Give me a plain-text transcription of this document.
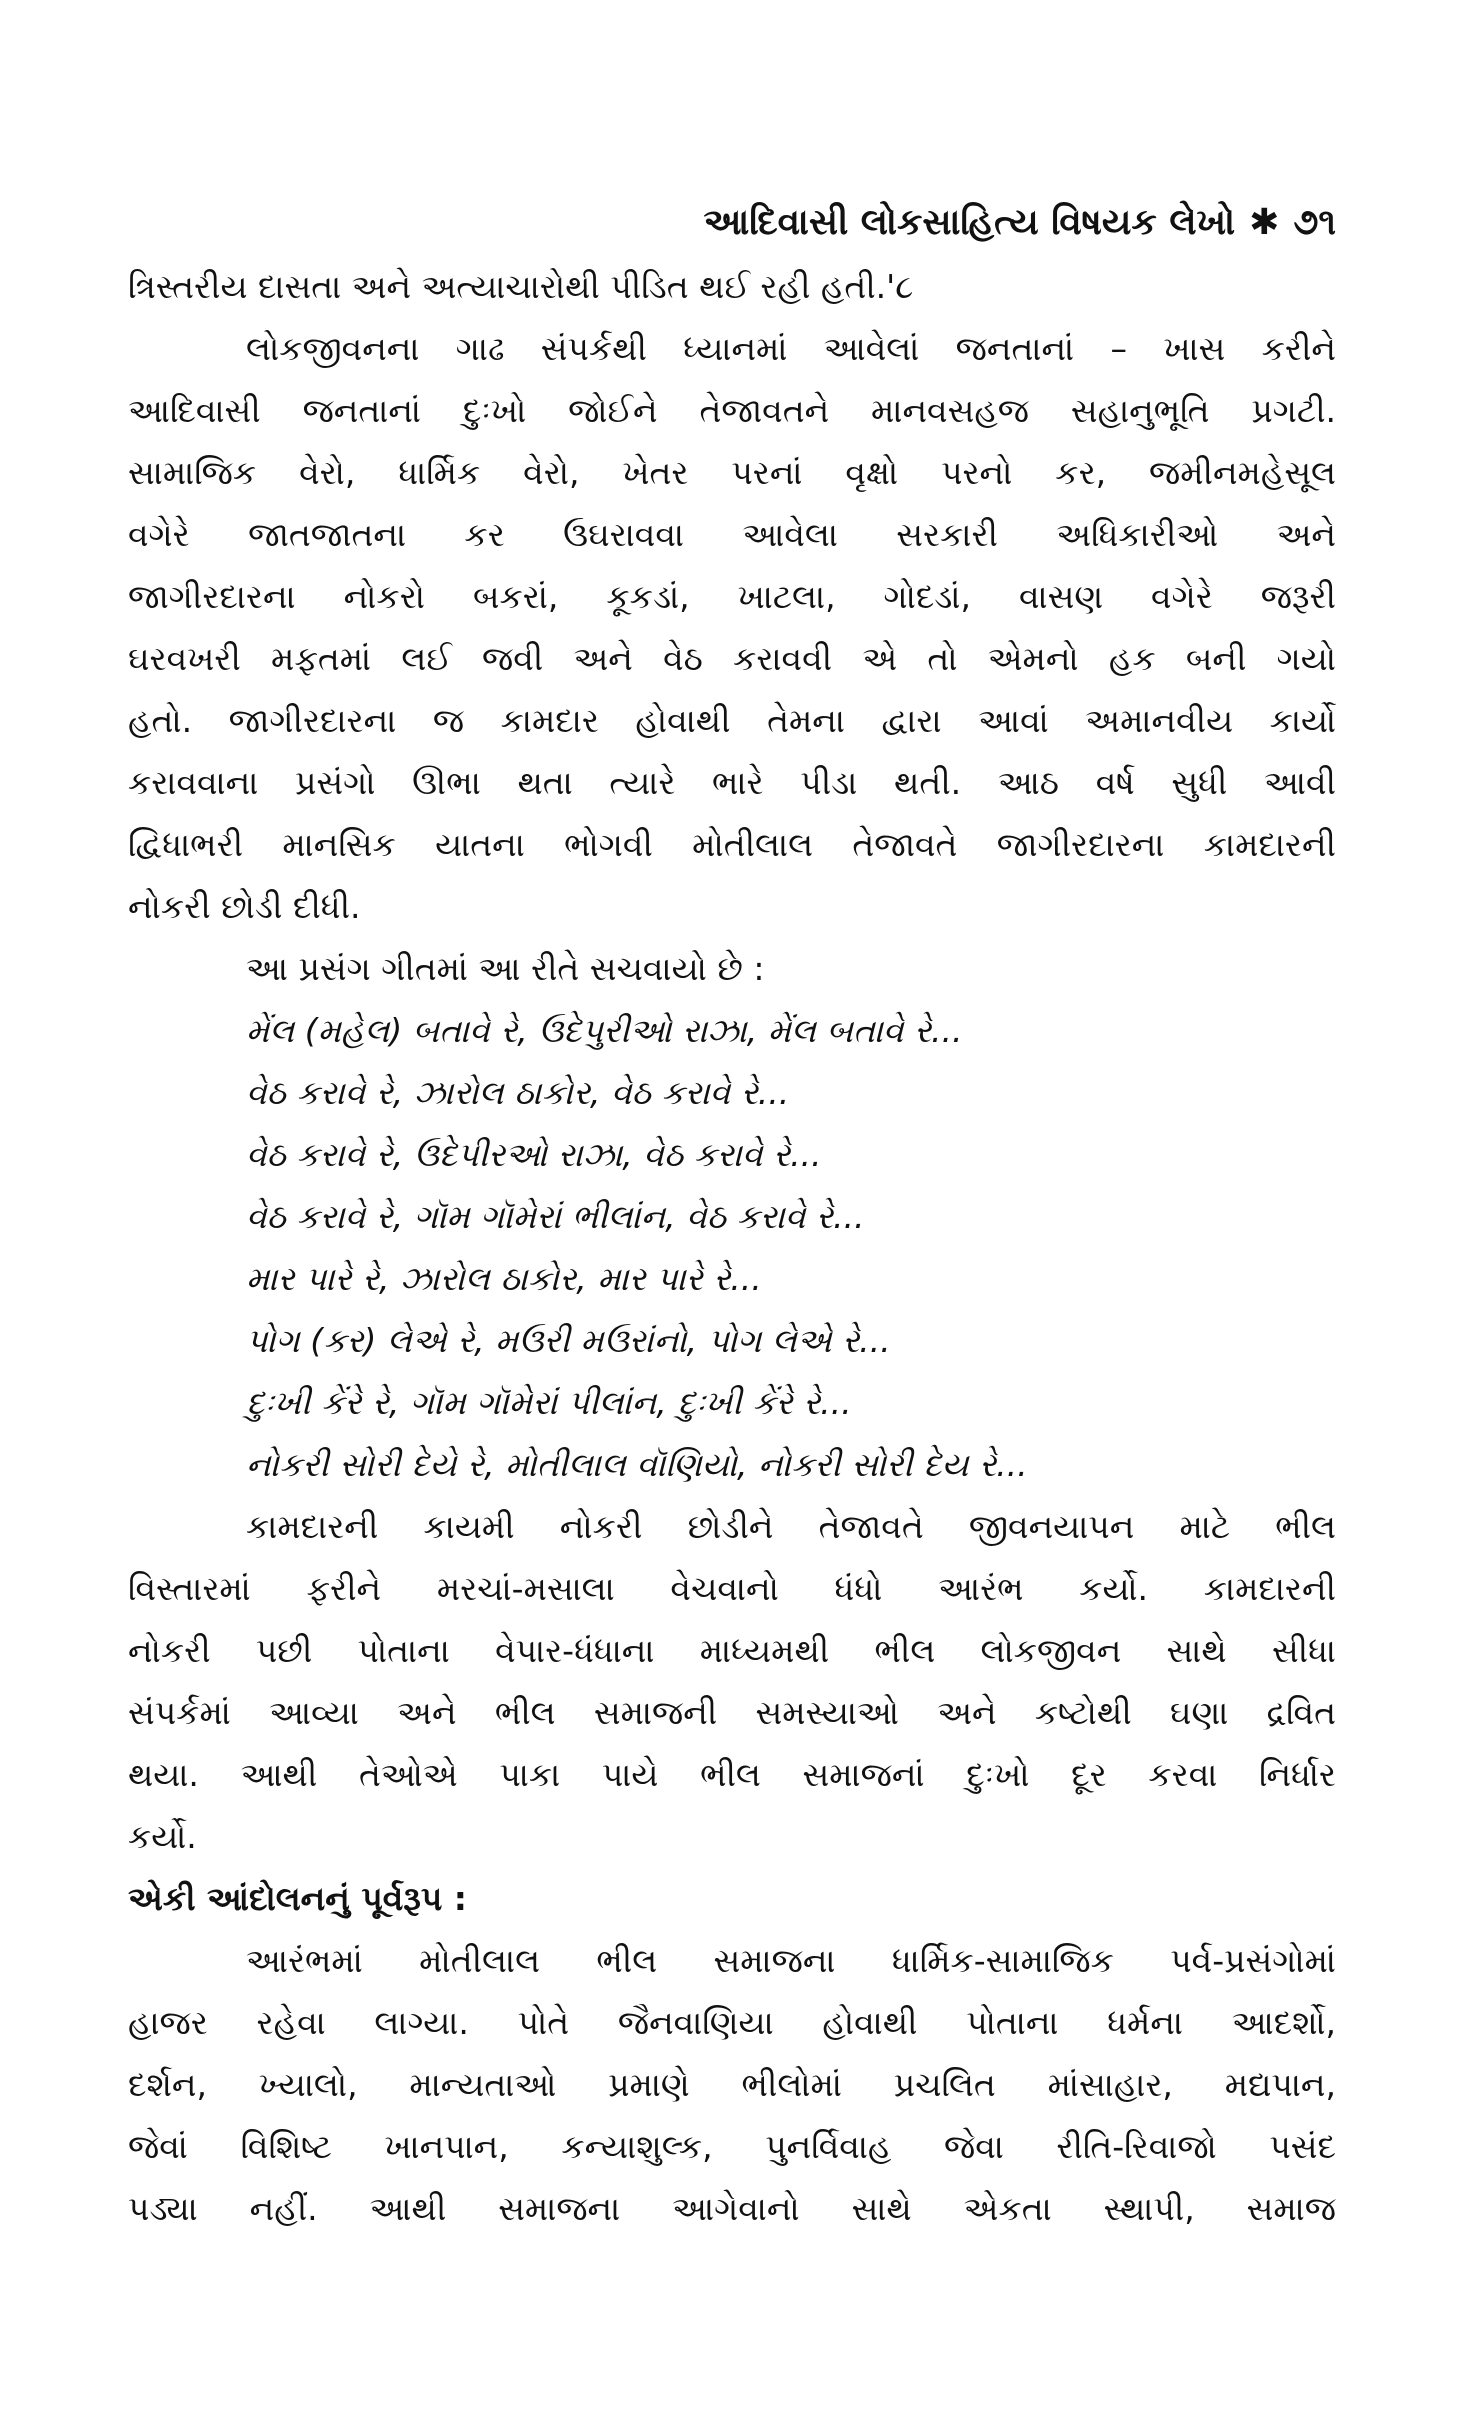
આદિવાસી લોકસાહિત્ય વિષયક લેખો ✱ ૭૧
ત્રિસ્તરીય દાસતા અને અત્યાચારોથી પીડિત થઈ રહી હતી.'૮
લોકજીવનના ગાઢ સંપર્કથી ધ્યાનમાં આવેલાં જનતાનાં – ખાસ કરીને
આદિવાસી જનતાનાં દુઃખો જોઈને તેજાવતને માનવસહજ સહાનુભૂતિ પ્રગટી.
સામાજિક વેરો, ધાર્મિક વેરો, ખેતર પરનાં વૃક્ષો પરનો કર, જમીનમહેસૂલ
વગેરે જાતજાતના કર ઉઘરાવવા આવેલા સરકારી અધિકારીઓ અને
જાગીરદારના નોકરો બકરાં, કૂકડાં, ખાટલા, ગોદડાં, વાસણ વગેરે જરૂરી
ઘરવખરી મફતમાં લઈ જવી અને વેઠ કરાવવી એ તો એમનો હક બની ગયો
હતો. જાગીરદારના જ કામદાર હોવાથી તેમના દ્વારા આવાં અમાનવીય કાર્યો
કરાવવાના પ્રસંગો ઊભા થતા ત્યારે ભારે પીડા થતી. આઠ વર્ષ સુધી આવી
દ્વિધાભરી માનસિક યાતના ભોગવી મોતીલાલ તેજાવતે જાગીરદારના કામદારની
નોકરી છોડી દીધી.
આ પ્રસંગ ગીતમાં આ રીતે સચવાયો છે :
મેંલ (મહેલ) બતાવે રે, ઉદેપુરીઓ રાઝા, મેંલ બતાવે રે...
વેઠ કરાવે રે, ઝારોલ ઠાકોર, વેઠ કરાવે રે...
વેઠ કરાવે રે, ઉદેપીરઓ રાઝા, વેઠ કરાવે રે...
વેઠ કરાવે રે, ગૉમ ગૉમેરાં ભીલાંન, વેઠ કરાવે રે...
માર પારે રે, ઝારોલ ઠાકોર, માર પારે રે...
પોગ (કર) લેએ રે, મઉરી મઉરાંનો, પોગ લેએ રે...
દુઃખી કેંરે રે, ગૉમ ગૉમેરાં પીલાંન, દુઃખી કેંરે રે...
નોકરી સોરી દેયે રે, મોતીલાલ વૉણિયો, નોકરી સોરી દેય રે...
કામદારની કાયમી નોકરી છોડીને તેજાવતે જીવનયાપન માટે ભીલ
વિસ્તારમાં ફરીને મરચાં-મસાલા વેચવાનો ધંધો આરંભ કર્યો. કામદારની
નોકરી પછી પોતાના વેપાર-ધંધાના માધ્યમથી ભીલ લોકજીવન સાથે સીધા
સંપર્કમાં આવ્યા અને ભીલ સમાજની સમસ્યાઓ અને કષ્ટોથી ઘણા દ્રવિત
થયા. આથી તેઓએ પાકા પાયે ભીલ સમાજનાં દુઃખો દૂર કરવા નિર્ધાર
કર્યો.
એકી આંદોલનનું પૂર્વરૂપ :
આરંભમાં મોતીલાલ ભીલ સમાજના ધાર્મિક-સામાજિક પર્વ-પ્રસંગોમાં
હાજર રહેવા લાગ્યા. પોતે જૈનવાણિયા હોવાથી પોતાના ધર્મના આદર્શો,
દર્શન, ખ્યાલો, માન્યતાઓ પ્રમાણે ભીલોમાં પ્રચલિત માંસાહાર, મદ્યપાન,
જેવાં વિશિષ્ટ ખાનપાન, કન્યાશુલ્ક, પુનર્વિવાહ જેવા રીતિ-રિવાજો પસંદ
પડ્યા નહીં. આથી સમાજના આગેવાનો સાથે એકતા સ્થાપી, સમાજ
